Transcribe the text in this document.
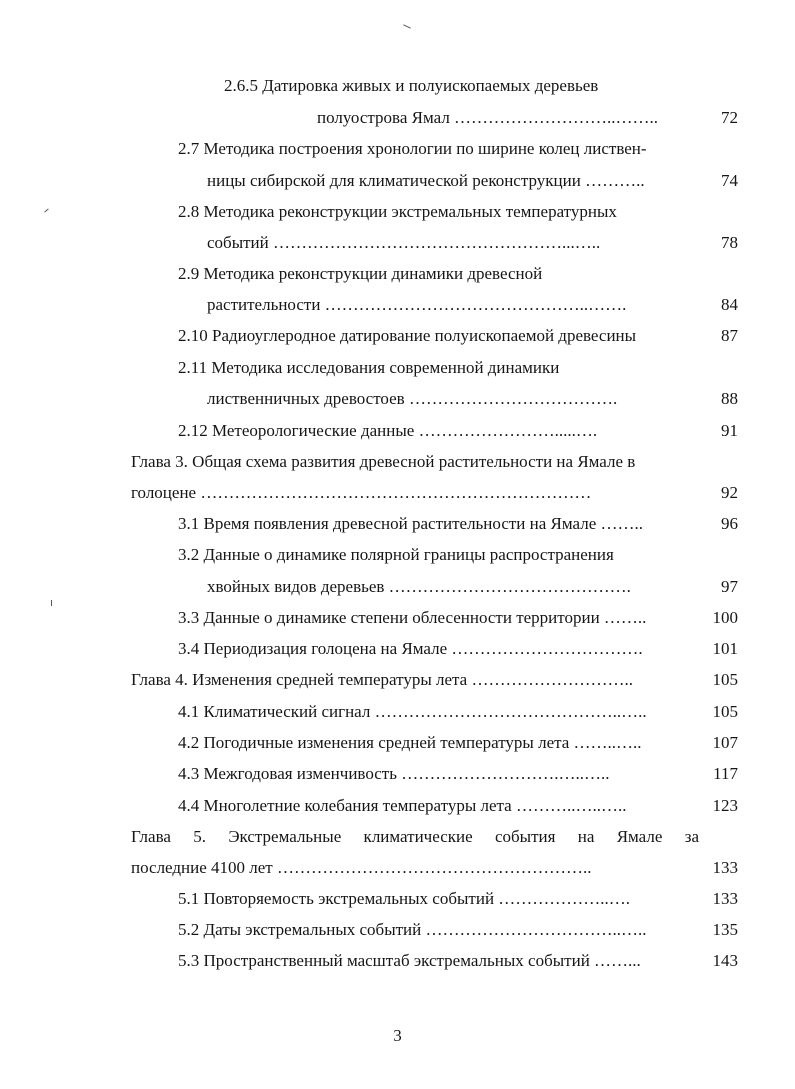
2.6.5 Датировка живых и полуископаемых деревьев
полуострова Ямал ………………………..……..	72
2.7 Методика построения хронологии по ширине колец листвен-
ницы сибирской для климатической реконструкции ………..	74
2.8 Методика реконструкции экстремальных температурных
событий ……………………………………………...…..	78
2.9 Методика реконструкции динамики древесной
растительности ………………………………………..…….	84
2.10 Радиоуглеродное датирование полуископаемой древесины	87
2.11 Методика исследования современной динамики
лиственничных древостоев ……………………………….	88
2.12 Метеорологические данные …………………….....….	91
Глава 3. Общая схема развития древесной растительности на Ямале в
голоцене ……………………………………………………………	92
3.1 Время появления древесной растительности на Ямале ……..	96
3.2 Данные о динамике полярной границы распространения
хвойных видов деревьев …………………………………….	97
3.3 Данные о динамике степени облесенности территории ……..	100
3.4 Периодизация голоцена на Ямале …………………………….	101
Глава 4. Изменения средней температуры лета ………………………..	105
4.1 Климатический сигнал ……………………………………..…..	105
4.2 Погодичные изменения средней температуры лета ……..…..	107
4.3 Межгодовая изменчивость ……………………….…..…..	117
4.4 Многолетние колебания температуры лета ………..…..…..	123
Глава 5. Экстремальные климатические события на Ямале за
последние 4100 лет ………………………………………………..	133
5.1 Повторяемость экстремальных событий ………………..….	133
5.2 Даты экстремальных событий ……………………………..…..	135
5.3 Пространственный масштаб экстремальных событий ……...	143
3
